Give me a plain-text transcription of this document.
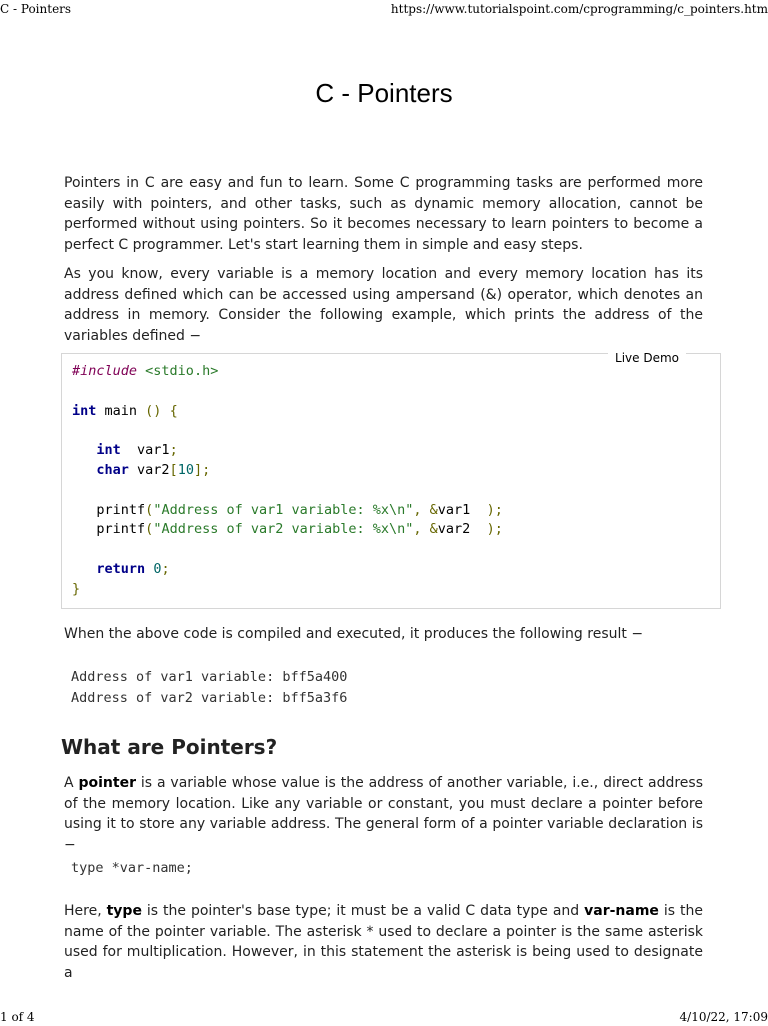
C - Pointers	https://www.tutorialspoint.com/cprogramming/c_pointers.htm
C - Pointers

Pointers in C are easy and fun to learn. Some C programming tasks are performed more easily with pointers, and other tasks, such as dynamic memory allocation, cannot be performed without using pointers. So it becomes necessary to learn pointers to become a perfect C programmer. Let's start learning them in simple and easy steps.

As you know, every variable is a memory location and every memory location has its address defined which can be accessed using ampersand (&) operator, which denotes an address in memory. Consider the following example, which prints the address of the variables defined −

Live Demo
#include <stdio.h>

int main () {

int  var1;
char var2[10];

printf("Address of var1 variable: %x\n", &var1  );
printf("Address of var2 variable: %x\n", &var2  );

return 0;
}

When the above code is compiled and executed, it produces the following result −

Address of var1 variable: bff5a400
Address of var2 variable: bff5a3f6
What are Pointers?

A pointer is a variable whose value is the address of another variable, i.e., direct address of the memory location. Like any variable or constant, you must declare a pointer before using it to store any variable address. The general form of a pointer variable declaration is −

type *var-name;

Here, type is the pointer's base type; it must be a valid C data type and var-name is the name of the pointer variable. The asterisk * used to declare a pointer is the same asterisk used for multiplication. However, in this statement the asterisk is being used to designate a

1 of 4	4/10/22, 17:09
